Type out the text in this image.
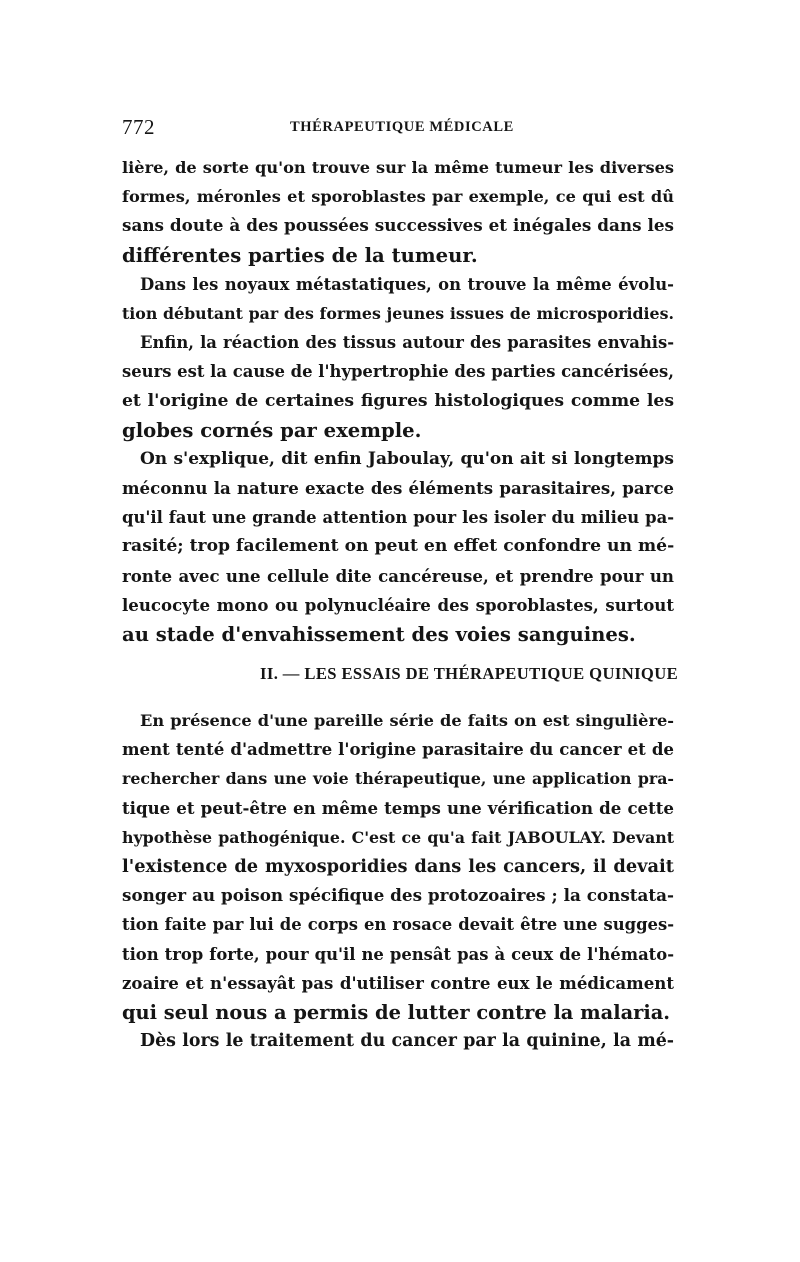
772	THÉRAPEUTIQUE MÉDICALE
lière, de sorte qu'on trouve sur la même tumeur les diverses
formes, méronles et sporoblastes par exemple, ce qui est dû
sans doute à des poussées successives et inégales dans les
différentes parties de la tumeur.
Dans les noyaux métastatiques, on trouve la même évolu-
tion débutant par des formes jeunes issues de microsporidies.
Enfin, la réaction des tissus autour des parasites envahis-
seurs est la cause de l'hypertrophie des parties cancérisées,
et l'origine de certaines figures histologiques comme les
globes cornés par exemple.
On s'explique, dit enfin Jaboulay, qu'on ait si longtemps
méconnu la nature exacte des éléments parasitaires, parce
qu'il faut une grande attention pour les isoler du milieu pa-
rasité; trop facilement on peut en effet confondre un mé-
ronte avec une cellule dite cancéreuse, et prendre pour un
leucocyte mono ou polynucléaire des sporoblastes, surtout
au stade d'envahissement des voies sanguines.
II. — LES ESSAIS DE THÉRAPEUTIQUE QUINIQUE
En présence d'une pareille série de faits on est singulière-
ment tenté d'admettre l'origine parasitaire du cancer et de
rechercher dans une voie thérapeutique, une application pra-
tique et peut-être en même temps une vérification de cette
hypothèse pathogénique. C'est ce qu'a fait JABOULAY. Devant
l'existence de myxosporidies dans les cancers, il devait
songer au poison spécifique des protozoaires ; la constata-
tion faite par lui de corps en rosace devait être une sugges-
tion trop forte, pour qu'il ne pensât pas à ceux de l'hémato-
zoaire et n'essayât pas d'utiliser contre eux le médicament
qui seul nous a permis de lutter contre la malaria.
Dès lors le traitement du cancer par la quinine, la mé-
